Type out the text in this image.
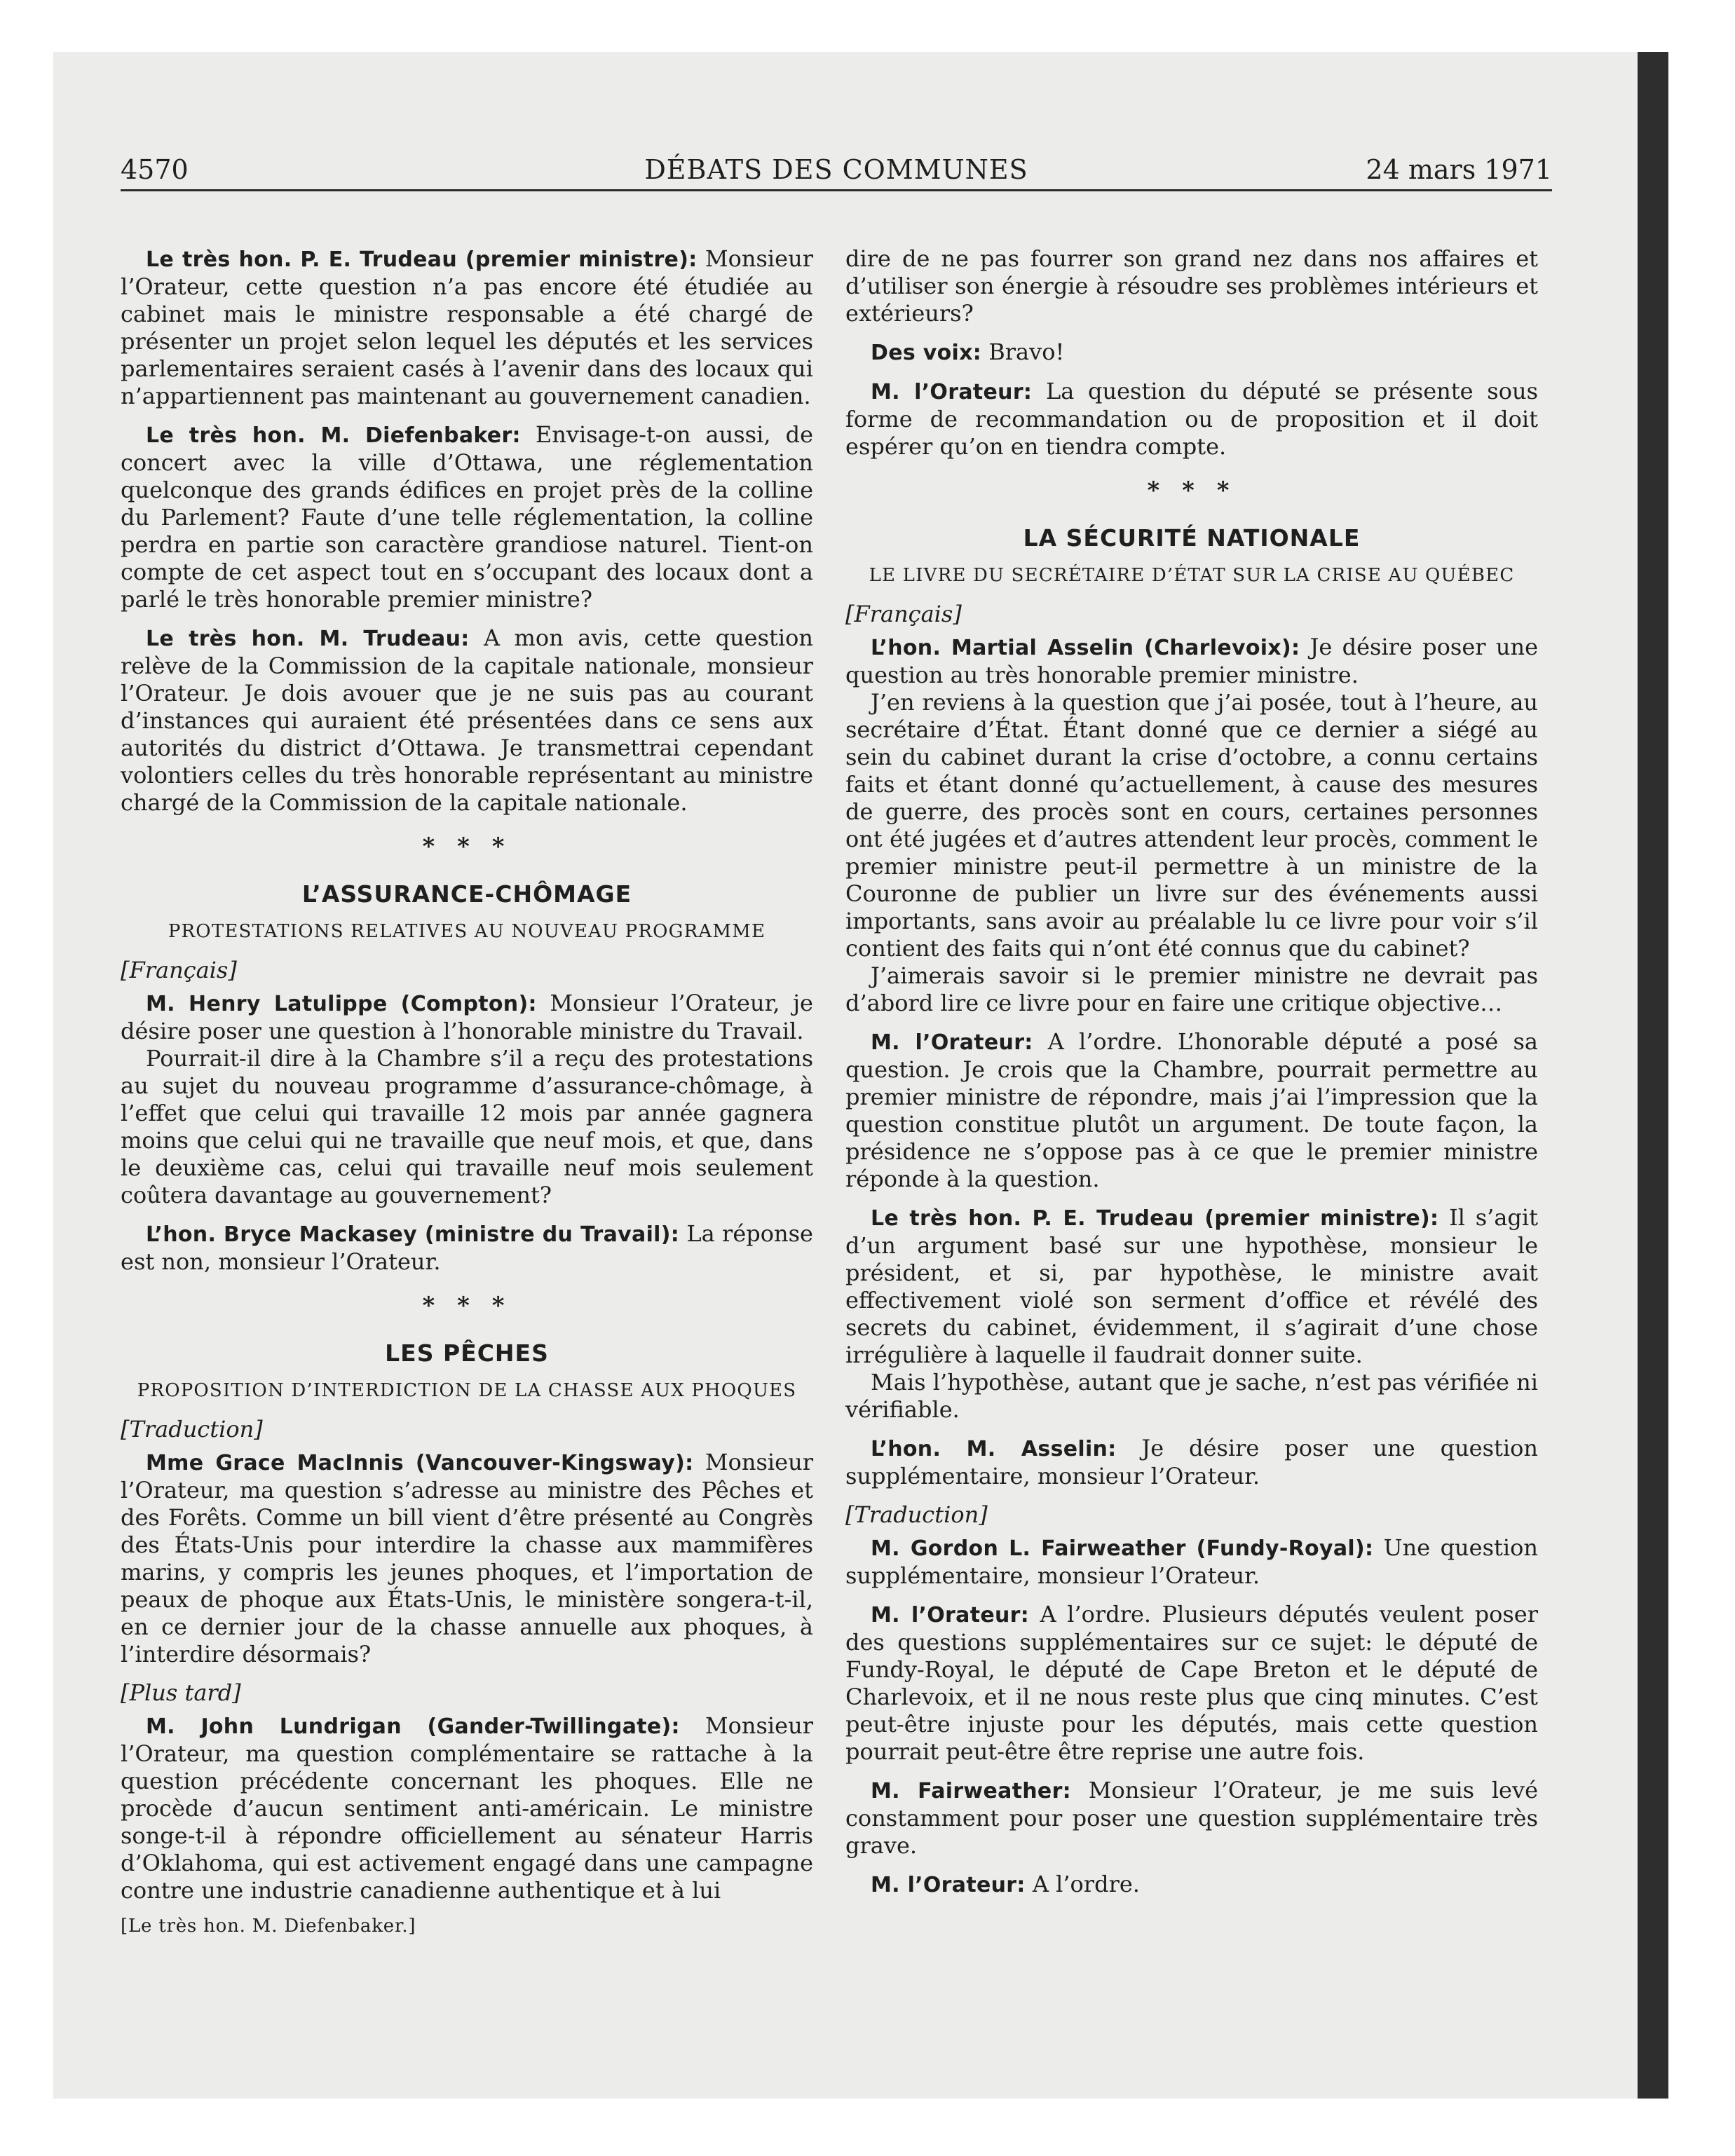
4570	DÉBATS DES COMMUNES	24 mars 1971

Le très hon. P. E. Trudeau (premier ministre): Monsieur l’Orateur, cette question n’a pas encore été étudiée au cabinet mais le ministre responsable a été chargé de présenter un projet selon lequel les députés et les services parlementaires seraient casés à l’avenir dans des locaux qui n’appartiennent pas maintenant au gouvernement canadien.

Le très hon. M. Diefenbaker: Envisage-t-on aussi, de concert avec la ville d’Ottawa, une réglementation quelconque des grands édifices en projet près de la colline du Parlement? Faute d’une telle réglementation, la colline perdra en partie son caractère grandiose naturel. Tient-on compte de cet aspect tout en s’occupant des locaux dont a parlé le très honorable premier ministre?

Le très hon. M. Trudeau: A mon avis, cette question relève de la Commission de la capitale nationale, monsieur l’Orateur. Je dois avouer que je ne suis pas au courant d’instances qui auraient été présentées dans ce sens aux autorités du district d’Ottawa. Je transmettrai cependant volontiers celles du très honorable représentant au ministre chargé de la Commission de la capitale nationale.

* * *
L’ASSURANCE-CHÔMAGE
PROTESTATIONS RELATIVES AU NOUVEAU PROGRAMME
[Français]

M. Henry Latulippe (Compton): Monsieur l’Orateur, je désire poser une question à l’honorable ministre du Travail.

Pourrait-il dire à la Chambre s’il a reçu des protestations au sujet du nouveau programme d’assurance-chômage, à l’effet que celui qui travaille 12 mois par année gagnera moins que celui qui ne travaille que neuf mois, et que, dans le deuxième cas, celui qui travaille neuf mois seulement coûtera davantage au gouvernement?

L’hon. Bryce Mackasey (ministre du Travail): La réponse est non, monsieur l’Orateur.

* * *
LES PÊCHES
PROPOSITION D’INTERDICTION DE LA CHASSE AUX PHOQUES
[Traduction]

Mme Grace MacInnis (Vancouver-Kingsway): Monsieur l’Orateur, ma question s’adresse au ministre des Pêches et des Forêts. Comme un bill vient d’être présenté au Congrès des États-Unis pour interdire la chasse aux mammifères marins, y compris les jeunes phoques, et l’importation de peaux de phoque aux États-Unis, le ministère songera-t-il, en ce dernier jour de la chasse annuelle aux phoques, à l’interdire désormais?

[Plus tard]

M. John Lundrigan (Gander-Twillingate): Monsieur l’Orateur, ma question complémentaire se rattache à la question précédente concernant les phoques. Elle ne procède d’aucun sentiment anti-américain. Le ministre songe-t-il à répondre officiellement au sénateur Harris d’Oklahoma, qui est activement engagé dans une campagne contre une industrie canadienne authentique et à lui

[Le très hon. M. Diefenbaker.]

dire de ne pas fourrer son grand nez dans nos affaires et d’utiliser son énergie à résoudre ses problèmes intérieurs et extérieurs?

Des voix: Bravo!

M. l’Orateur: La question du député se présente sous forme de recommandation ou de proposition et il doit espérer qu’on en tiendra compte.

* * *
LA SÉCURITÉ NATIONALE
LE LIVRE DU SECRÉTAIRE D’ÉTAT SUR LA CRISE AU QUÉBEC
[Français]

L’hon. Martial Asselin (Charlevoix): Je désire poser une question au très honorable premier ministre.

J’en reviens à la question que j’ai posée, tout à l’heure, au secrétaire d’État. Étant donné que ce dernier a siégé au sein du cabinet durant la crise d’octobre, a connu certains faits et étant donné qu’actuellement, à cause des mesures de guerre, des procès sont en cours, certaines personnes ont été jugées et d’autres attendent leur procès, comment le premier ministre peut-il permettre à un ministre de la Couronne de publier un livre sur des événements aussi importants, sans avoir au préalable lu ce livre pour voir s’il contient des faits qui n’ont été connus que du cabinet?

J’aimerais savoir si le premier ministre ne devrait pas d’abord lire ce livre pour en faire une critique objective…

M. l’Orateur: A l’ordre. L’honorable député a posé sa question. Je crois que la Chambre, pourrait permettre au premier ministre de répondre, mais j’ai l’impression que la question constitue plutôt un argument. De toute façon, la présidence ne s’oppose pas à ce que le premier ministre réponde à la question.

Le très hon. P. E. Trudeau (premier ministre): Il s’agit d’un argument basé sur une hypothèse, monsieur le président, et si, par hypothèse, le ministre avait effectivement violé son serment d’office et révélé des secrets du cabinet, évidemment, il s’agirait d’une chose irrégulière à laquelle il faudrait donner suite.

Mais l’hypothèse, autant que je sache, n’est pas vérifiée ni vérifiable.

L’hon. M. Asselin: Je désire poser une question supplémentaire, monsieur l’Orateur.

[Traduction]

M. Gordon L. Fairweather (Fundy-Royal): Une question supplémentaire, monsieur l’Orateur.

M. l’Orateur: A l’ordre. Plusieurs députés veulent poser des questions supplémentaires sur ce sujet: le député de Fundy-Royal, le député de Cape Breton et le député de Charlevoix, et il ne nous reste plus que cinq minutes. C’est peut-être injuste pour les députés, mais cette question pourrait peut-être être reprise une autre fois.

M. Fairweather: Monsieur l’Orateur, je me suis levé constamment pour poser une question supplémentaire très grave.

M. l’Orateur: A l’ordre.
